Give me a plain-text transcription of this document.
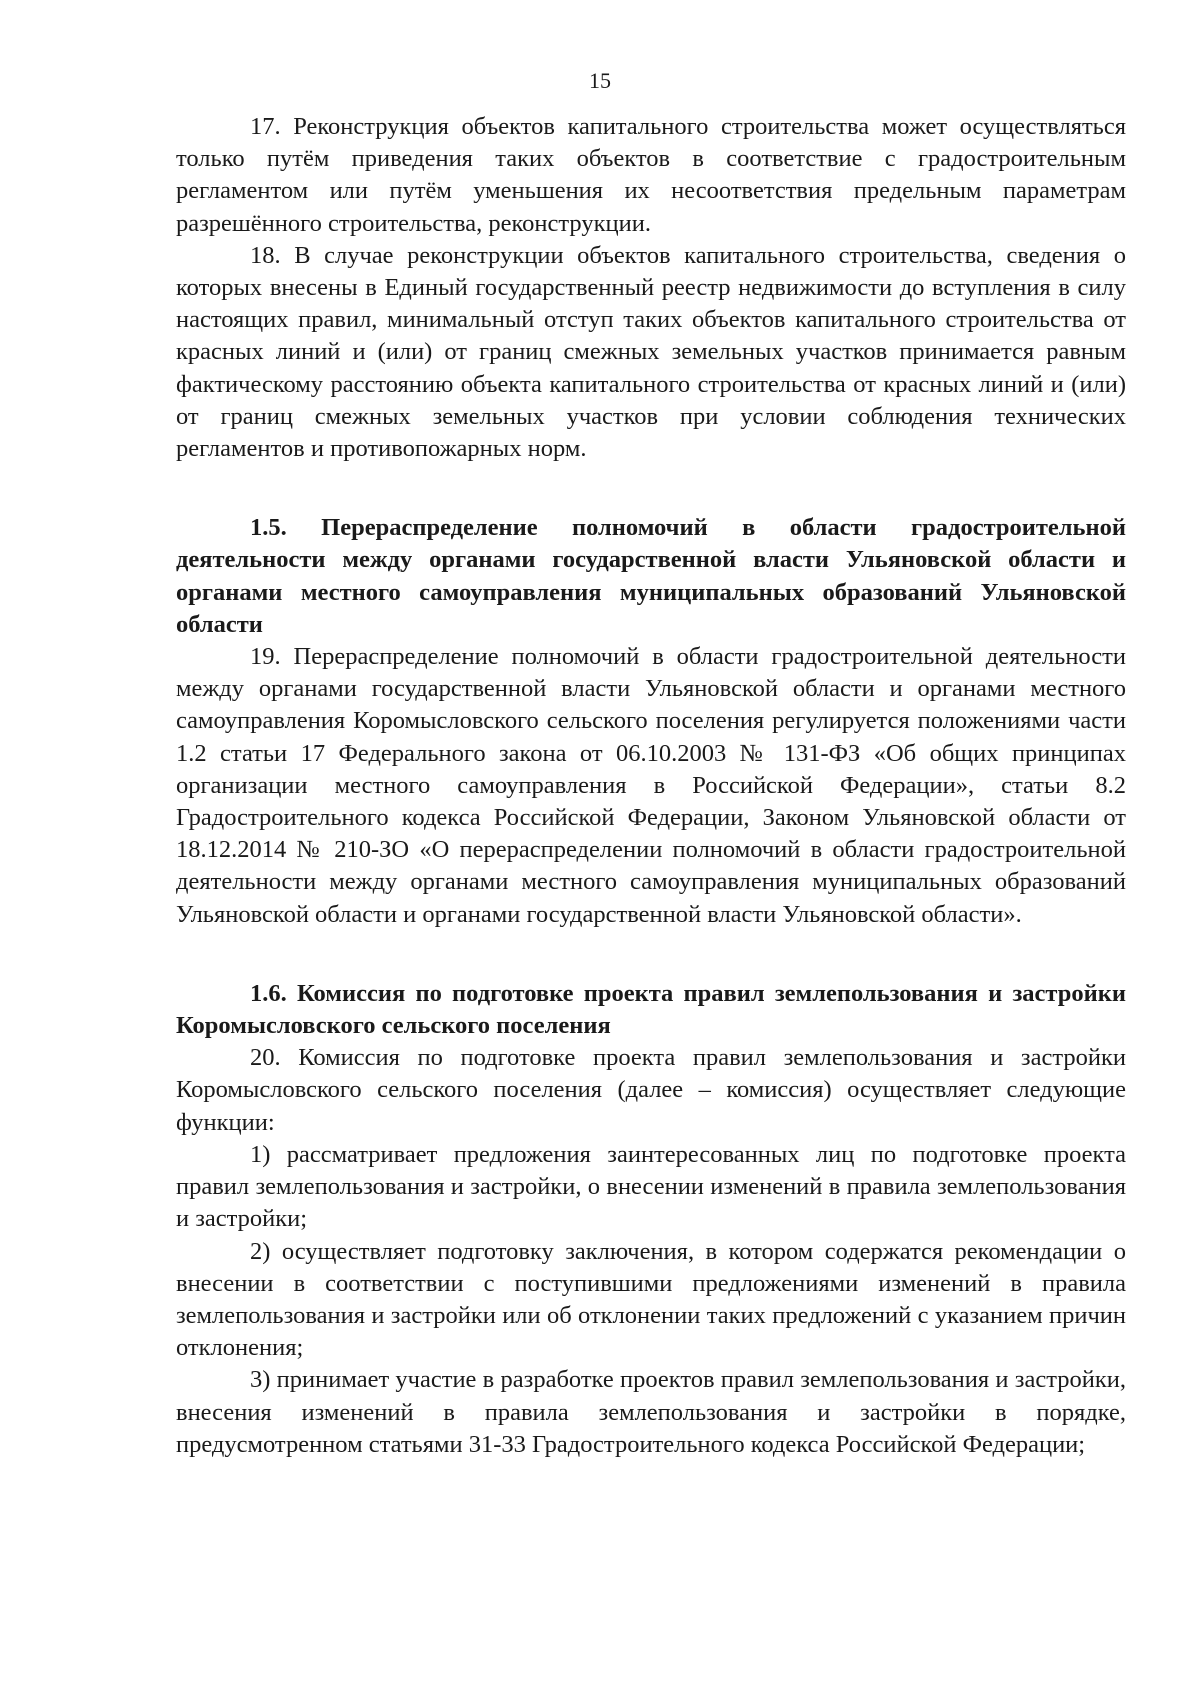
15

17. Реконструкция объектов капитального строительства может осуществляться только путём приведения таких объектов в соответствие с градостроительным регламентом или путём уменьшения их несоответствия предельным параметрам разрешённого строительства, реконструкции.

18. В случае реконструкции объектов капитального строительства, сведения о которых внесены в Единый государственный реестр недвижимости до вступления в силу настоящих правил, минимальный отступ таких объектов капитального строительства от красных линий и (или) от границ смежных земельных участков принимается равным фактическому расстоянию объекта капитального строительства от красных линий и (или) от границ смежных земельных участков при условии соблюдения технических регламентов и противопожарных норм.

1.5. Перераспределение полномочий в области градостроительной деятельности между органами государственной власти Ульяновской области и органами местного самоуправления муниципальных образований Ульяновской области

19. Перераспределение полномочий в области градостроительной деятельности между органами государственной власти Ульяновской области и органами местного самоуправления Коромысловского сельского поселения регулируется положениями части 1.2 статьи 17 Федерального закона от 06.10.2003 № 131-ФЗ «Об общих принципах организации местного самоуправления в Российской Федерации», статьи 8.2 Градостроительного кодекса Российской Федерации, Законом Ульяновской области от 18.12.2014 № 210-ЗО «О перераспределении полномочий в области градостроительной деятельности между органами местного самоуправления муниципальных образований Ульяновской области и органами государственной власти Ульяновской области».

1.6. Комиссия по подготовке проекта правил землепользования и застройки Коромысловского сельского поселения

20. Комиссия по подготовке проекта правил землепользования и застройки Коромысловского сельского поселения (далее – комиссия) осуществляет следующие функции:

1) рассматривает предложения заинтересованных лиц по подготовке проекта правил землепользования и застройки, о внесении изменений в правила землепользования и застройки;

2) осуществляет подготовку заключения, в котором содержатся рекомендации о внесении в соответствии с поступившими предложениями изменений в правила землепользования и застройки или об отклонении таких предложений с указанием причин отклонения;

3) принимает участие в разработке проектов правил землепользования и застройки, внесения изменений в правила землепользования и застройки в порядке, предусмотренном статьями 31-33 Градостроительного кодекса Российской Федерации;
